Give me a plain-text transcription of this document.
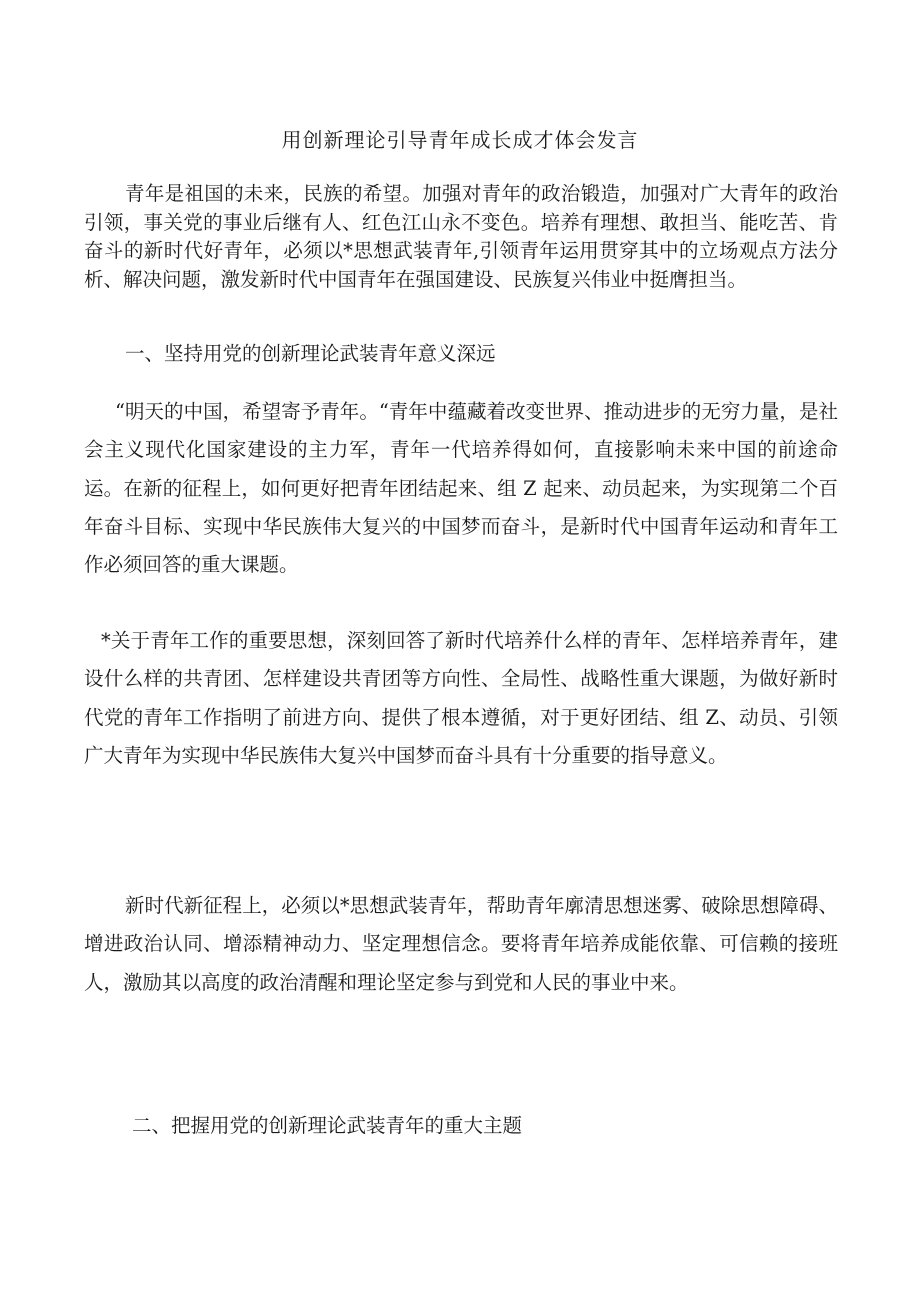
用创新理论引导青年成长成才体会发言

青年是祖国的未来，民族的希望。加强对青年的政治锻造，加强对广大青年的政治引领，事关党的事业后继有人、红色江山永不变色。培养有理想、敢担当、能吃苦、肯奋斗的新时代好青年，必须以*思想武装青年,引领青年运用贯穿其中的立场观点方法分析、解决问题，激发新时代中国青年在强国建设、民族复兴伟业中挺膺担当。

一、坚持用党的创新理论武装青年意义深远

“明天的中国，希望寄予青年。“青年中蕴藏着改变世界、推动进步的无穷力量，是社会主义现代化国家建设的主力军，青年一代培养得如何，直接影响未来中国的前途命运。在新的征程上，如何更好把青年团结起来、组 Z 起来、动员起来，为实现第二个百年奋斗目标、实现中华民族伟大复兴的中国梦而奋斗，是新时代中国青年运动和青年工作必须回答的重大课题。

*关于青年工作的重要思想，深刻回答了新时代培养什么样的青年、怎样培养青年，建设什么样的共青团、怎样建设共青团等方向性、全局性、战略性重大课题，为做好新时代党的青年工作指明了前进方向、提供了根本遵循，对于更好团结、组 Z、动员、引领广大青年为实现中华民族伟大复兴中国梦而奋斗具有十分重要的指导意义。

新时代新征程上，必须以*思想武装青年，帮助青年廓清思想迷雾、破除思想障碍、增进政治认同、增添精神动力、坚定理想信念。要将青年培养成能依靠、可信赖的接班人，激励其以高度的政治清醒和理论坚定参与到党和人民的事业中来。

二、把握用党的创新理论武装青年的重大主题
